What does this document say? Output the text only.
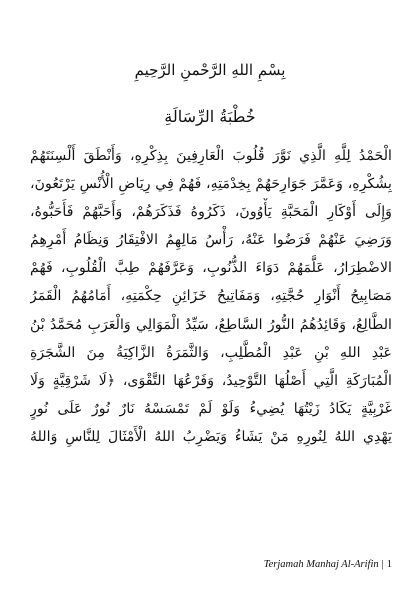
بِسْمِ اللهِ الرَّحْمنِ الرَّحِيمِ
خُطْبَةُ الرِّسَالَةِ
الْحَمْدُ لِلَّهِ الَّذِي نَوَّرَ قُلُوبَ الْعَارِفِينَ بِذِكْرِهِ، وَأَنْطَقَ أَلْسِنَتَهُمْ
بِشُكْرِهِ، وَعَمَّرَ جَوَارِحَهُمْ بِخِدْمَتِهِ، فَهُمْ فِي رِيَاضِ الْأُنْسِ يَرْتَعُونَ،
وَإِلَى أَوْكَارِ الْمَحَبَّةِ يَأْوُونَ، ذَكَرُوهُ فَذَكَرَهُمْ، وَأَحَبَّهُمْ فَأَحَبُّوهُ،
وَرَضِيَ عَنْهُمْ فَرَضُوا عَنْهُ، رَأْسُ مَالِهِمُ الافْتِقَارُ وَنِظَامُ أَمْرِهِمُ
الاضْطِرَارُ، عَلَّمَهُمْ دَوَاءَ الذُّنُوبِ، وَعَرَّفَهُمْ طِبَّ الْقُلُوبِ، فَهُمْ
مَصَابِيحُ أَنْوَارِ حُجَّتِهِ، وَمَفَاتِيحُ خَزَائِنِ حِكْمَتِهِ، أَمَامُهُمُ الْقَمَرُ
الطَّالِعُ، وَقَائِدُهُمُ النُّورُ السَّاطِعُ، سَيِّدُ الْمَوَالِي وَالْعَرَبِ مُحَمَّدُ بْنُ
عَبْدِ اللهِ بْنِ عَبْدِ الْمُطَّلِبِ، وَالثَّمَرَةُ الزَّاكِيَةُ مِنَ الشَّجَرَةِ
الْمُبَارَكَةِ الَّتِي أَصْلُهَا التَّوْحِيدُ، وَفَرْعُهَا التَّقْوَى، ﴿لَا شَرْقِيَّةٍ وَلَا
غَرْبِيَّةٍ يَكَادُ زَيْتُهَا يُضِيءُ وَلَوْ لَمْ تَمْسَسْهُ نَارٌ نُورٌ عَلَى نُورٍ
يَهْدِي اللهُ لِنُورِهِ مَنْ يَشَاءُ وَيَضْرِبُ اللهُ الْأَمْثَالَ لِلنَّاسِ وَاللهُ
Terjamah Manhaj Al-Arifin | 1
